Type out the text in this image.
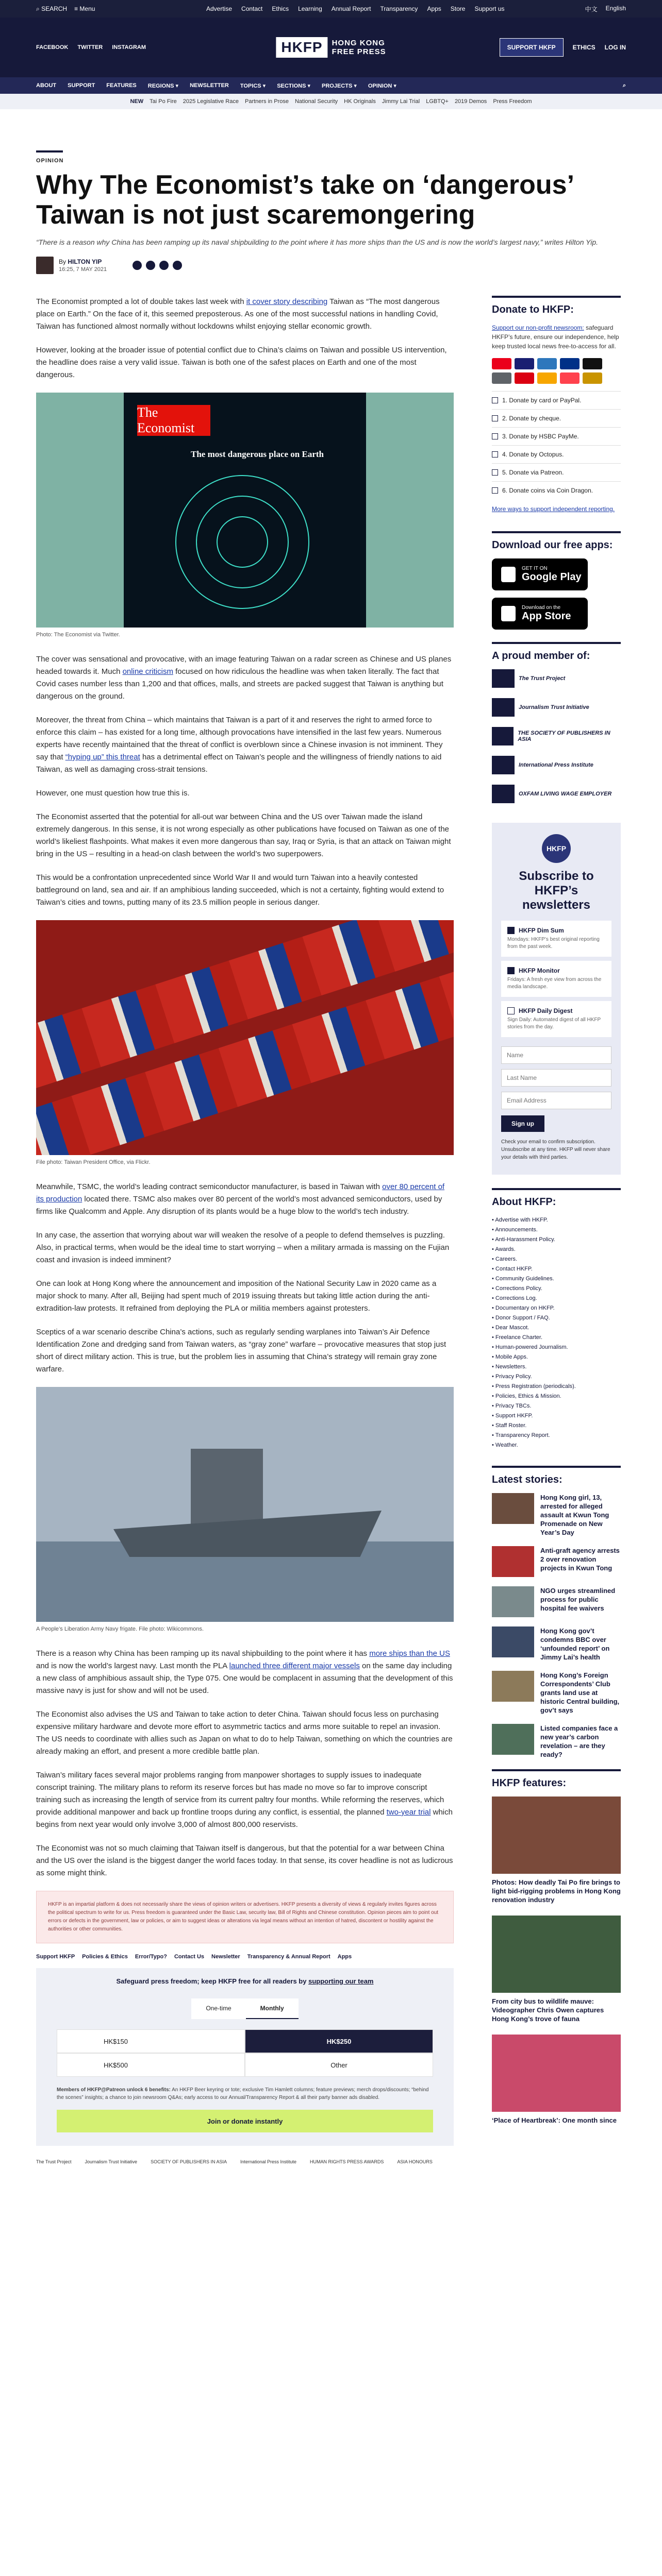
⌕ SEARCH ≡ Menu	Advertise Contact Ethics Learning Annual Report Transparency Apps Store Support us	中文 English
FACEBOOK TWITTER INSTAGRAM	HKFP	HONG KONG
FREE PRESS	SUPPORT HKFP	ETHICS LOG IN
ABOUT SUPPORT FEATURES REGIONS ▾ NEWSLETTER TOPICS ▾ SECTIONS ▾ PROJECTS ▾ OPINION ▾	⌕
NEW Tai Po Fire 2025 Legislative Race Partners in Prose National Security HK Originals Jimmy Lai Trial LGBTQ+ 2019 Demos Press Freedom
OPINION
Why The Economist’s take on ‘dangerous’ Taiwan is not just scaremongering

“There is a reason why China has been ramping up its naval shipbuilding to the point where it has more ships than the US and is now the world’s largest navy,” writes Hilton Yip.

By HILTON YIP
16:25, 7 MAY 2021

The Economist prompted a lot of double takes last week with it cover story describing Taiwan as “The most dangerous place on Earth.” On the face of it, this seemed preposterous. As one of the most successful nations in handling Covid, Taiwan has functioned almost normally without lockdowns whilst enjoying stellar economic growth.

However, looking at the broader issue of potential conflict due to China’s claims on Taiwan and possible US intervention, the headline does raise a very valid issue. Taiwan is both one of the safest places on Earth and one of the most dangerous.

The Economist
The most dangerous place on Earth
Photo: The Economist via Twitter.

The cover was sensational and provocative, with an image featuring Taiwan on a radar screen as Chinese and US planes headed towards it. Much online criticism focused on how ridiculous the headline was when taken literally. The fact that Covid cases number less than 1,200 and that offices, malls, and streets are packed suggest that Taiwan is anything but dangerous on the ground.

Moreover, the threat from China – which maintains that Taiwan is a part of it and reserves the right to armed force to enforce this claim – has existed for a long time, although provocations have intensified in the last few years. Numerous experts have recently maintained that the threat of conflict is overblown since a Chinese invasion is not imminent. They say that “hyping up” this threat has a detrimental effect on Taiwan’s people and the willingness of friendly nations to aid Taiwan, as well as damaging cross-strait tensions.

However, one must question how true this is.

The Economist asserted that the potential for all-out war between China and the US over Taiwan made the island extremely dangerous. In this sense, it is not wrong especially as other publications have focused on Taiwan as one of the world’s likeliest flashpoints. What makes it even more dangerous than say, Iraq or Syria, is that an attack on Taiwan might bring in the US – resulting in a head-on clash between the world’s two superpowers.

This would be a confrontation unprecedented since World War II and would turn Taiwan into a heavily contested battleground on land, sea and air. If an amphibious landing succeeded, which is not a certainty, fighting would extend to Taiwan’s cities and towns, putting many of its 23.5 million people in serious danger.

File photo: Taiwan President Office, via Flickr.

Meanwhile, TSMC, the world’s leading contract semiconductor manufacturer, is based in Taiwan with over 80 percent of its production located there. TSMC also makes over 80 percent of the world’s most advanced semiconductors, used by firms like Qualcomm and Apple. Any disruption of its plants would be a huge blow to the world’s tech industry.

In any case, the assertion that worrying about war will weaken the resolve of a people to defend themselves is puzzling. Also, in practical terms, when would be the ideal time to start worrying – when a military armada is massing on the Fujian coast and invasion is indeed imminent?

One can look at Hong Kong where the announcement and imposition of the National Security Law in 2020 came as a major shock to many. After all, Beijing had spent much of 2019 issuing threats but taking little action during the anti-extradition-law protests. It refrained from deploying the PLA or militia members against protesters.

Sceptics of a war scenario describe China’s actions, such as regularly sending warplanes into Taiwan’s Air Defence Identification Zone and dredging sand from Taiwan waters, as “gray zone” warfare – provocative measures that stop just short of direct military action. This is true, but the problem lies in assuming that China’s strategy will remain gray zone warfare.

A People’s Liberation Army Navy frigate. File photo: Wikicommons.

There is a reason why China has been ramping up its naval shipbuilding to the point where it has more ships than the US and is now the world’s largest navy. Last month the PLA launched three different major vessels on the same day including a new class of amphibious assault ship, the Type 075. One would be complacent in assuming that the development of this massive navy is just for show and will not be used.

The Economist also advises the US and Taiwan to take action to deter China. Taiwan should focus less on purchasing expensive military hardware and devote more effort to asymmetric tactics and arms more suitable to repel an invasion. The US needs to coordinate with allies such as Japan on what to do to help Taiwan, something on which the countries are already making an effort, and present a more credible battle plan.

Taiwan’s military faces several major problems ranging from manpower shortages to supply issues to inadequate conscript training. The military plans to reform its reserve forces but has made no move so far to improve conscript training such as increasing the length of service from its current paltry four months. While reforming the reserves, which provide additional manpower and back up frontline troops during any conflict, is essential, the planned two-year trial which begins from next year would only involve 3,000 of almost 800,000 reservists.

The Economist was not so much claiming that Taiwan itself is dangerous, but that the potential for a war between China and the US over the island is the biggest danger the world faces today. In that sense, its cover headline is not as ludicrous as some might think.

HKFP is an impartial platform & does not necessarily share the views of opinion writers or advertisers. HKFP presents a diversity of views & regularly invites figures across the political spectrum to write for us. Press freedom is guaranteed under the Basic Law, security law, Bill of Rights and Chinese constitution. Opinion pieces aim to point out errors or defects in the government, law or policies, or aim to suggest ideas or alterations via legal means without an intention of hatred, discontent or hostility against the authorities or other communities.
Support HKFP Policies & Ethics Error/Typo? Contact Us Newsletter Transparency & Annual Report Apps
Safeguard press freedom; keep HKFP free for all readers by supporting our team
One-time	Monthly
HK$150	HK$250
HK$500	Other

Members of HKFP@Patreon unlock 6 benefits: An HKFP Beer keyring or tote; exclusive Tim Hamlett columns; feature previews; merch drops/discounts; “behind the scenes” insights; a chance to join newsroom Q&As; early access to our Annual/Transparency Report & all their party banner ads disabled.

Join or donate instantly
The Trust Project	Journalism Trust Initiative	SOCIETY OF PUBLISHERS IN ASIA	International Press Institute	HUMAN RIGHTS PRESS AWARDS	ASIA HONOURS
Donate to HKFP:

Support our non-profit newsroom: safeguard HKFP’s future, ensure our independence, help keep trusted local news free-to-access for all.

1. Donate by card or PayPal.
2. Donate by cheque.
3. Donate by HSBC PayMe.
4. Donate by Octopus.
5. Donate via Patreon.
6. Donate coins via Coin Dragon.
More ways to support independent reporting.
Download our free apps:
GET IT ON
Google Play
Download on the
App Store
A proud member of:
The Trust Project
Journalism Trust Initiative
THE SOCIETY OF PUBLISHERS IN ASIA
International Press Institute
OXFAM LIVING WAGE EMPLOYER
HKFP
Subscribe to HKFP’s newsletters
HKFP Dim Sum
Mondays: HKFP’s best original reporting from the past week.
HKFP Monitor
Fridays: A fresh eye view from across the media landscape.
HKFP Daily Digest
Sign Daily: Automated digest of all HKFP stories from the day.
Name Last Name Email Address Sign up

Check your email to confirm subscription. Unsubscribe at any time. HKFP will never share your details with third parties.

About HKFP:
• Advertise with HKFP.
• Announcements.
• Anti-Harassment Policy.
• Awards.
• Careers.
• Contact HKFP.
• Community Guidelines.
• Corrections Policy.
• Corrections Log.
• Documentary on HKFP.
• Donor Support / FAQ.
• Dear Mascot.
• Freelance Charter.
• Human-powered Journalism.
• Mobile Apps.
• Newsletters.
• Privacy Policy.
• Press Registration (periodicals).
• Policies, Ethics & Mission.
• Privacy TBCs.
• Support HKFP.
• Staff Roster.
• Transparency Report.
• Weather.
Latest stories:
Hong Kong girl, 13, arrested for alleged assault at Kwun Tong Promenade on New Year’s Day
Anti-graft agency arrests 2 over renovation projects in Kwun Tong
NGO urges streamlined process for public hospital fee waivers
Hong Kong gov’t condemns BBC over ‘unfounded report’ on Jimmy Lai’s health
Hong Kong’s Foreign Correspondents’ Club grants land use at historic Central building, gov’t says
Listed companies face a new year’s carbon revelation – are they ready?
HKFP features:
Photos: How deadly Tai Po fire brings to light bid-rigging problems in Hong Kong renovation industry
From city bus to wildlife mauve: Videographer Chris Owen captures Hong Kong’s trove of fauna
‘Place of Heartbreak’: One month since
